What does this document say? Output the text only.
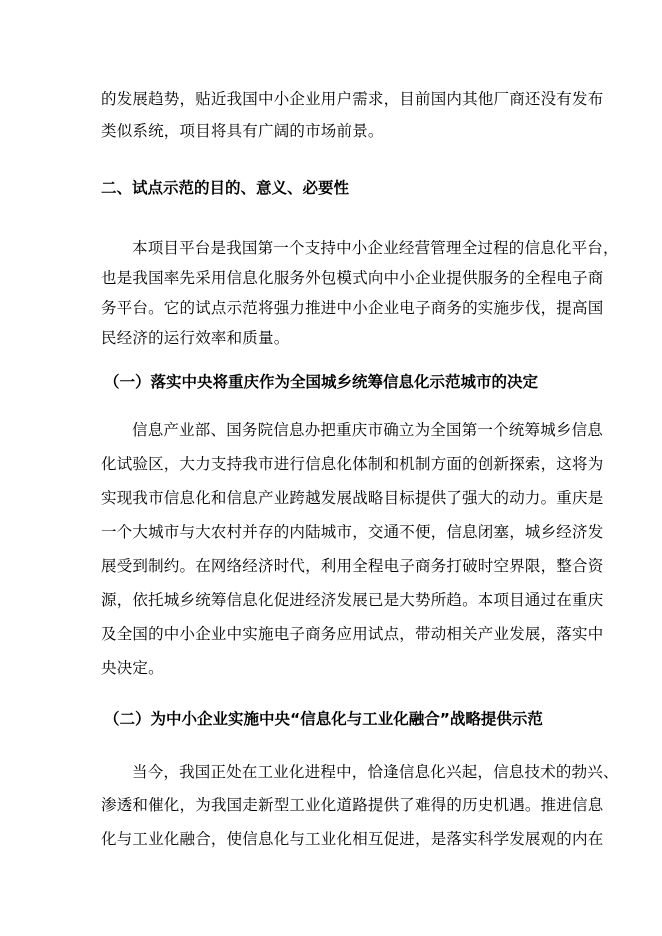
的发展趋势，贴近我国中小企业用户需求，目前国内其他厂商还没有发布
类似系统，项目将具有广阔的市场前景。
二、试点示范的目的、意义、必要性
本项目平台是我国第一个支持中小企业经营管理全过程的信息化平台，
也是我国率先采用信息化服务外包模式向中小企业提供服务的全程电子商
务平台。它的试点示范将强力推进中小企业电子商务的实施步伐，提高国
民经济的运行效率和质量。
（一）落实中央将重庆作为全国城乡统筹信息化示范城市的决定
信息产业部、国务院信息办把重庆市确立为全国第一个统筹城乡信息
化试验区，大力支持我市进行信息化体制和机制方面的创新探索，这将为
实现我市信息化和信息产业跨越发展战略目标提供了强大的动力。重庆是
一个大城市与大农村并存的内陆城市，交通不便，信息闭塞，城乡经济发
展受到制约。在网络经济时代，利用全程电子商务打破时空界限，整合资
源，依托城乡统筹信息化促进经济发展已是大势所趋。本项目通过在重庆
及全国的中小企业中实施电子商务应用试点，带动相关产业发展，落实中
央决定。
（二）为中小企业实施中央“信息化与工业化融合”战略提供示范
当今，我国正处在工业化进程中，恰逢信息化兴起，信息技术的勃兴、
渗透和催化，为我国走新型工业化道路提供了难得的历史机遇。推进信息
化与工业化融合，使信息化与工业化相互促进，是落实科学发展观的内在
